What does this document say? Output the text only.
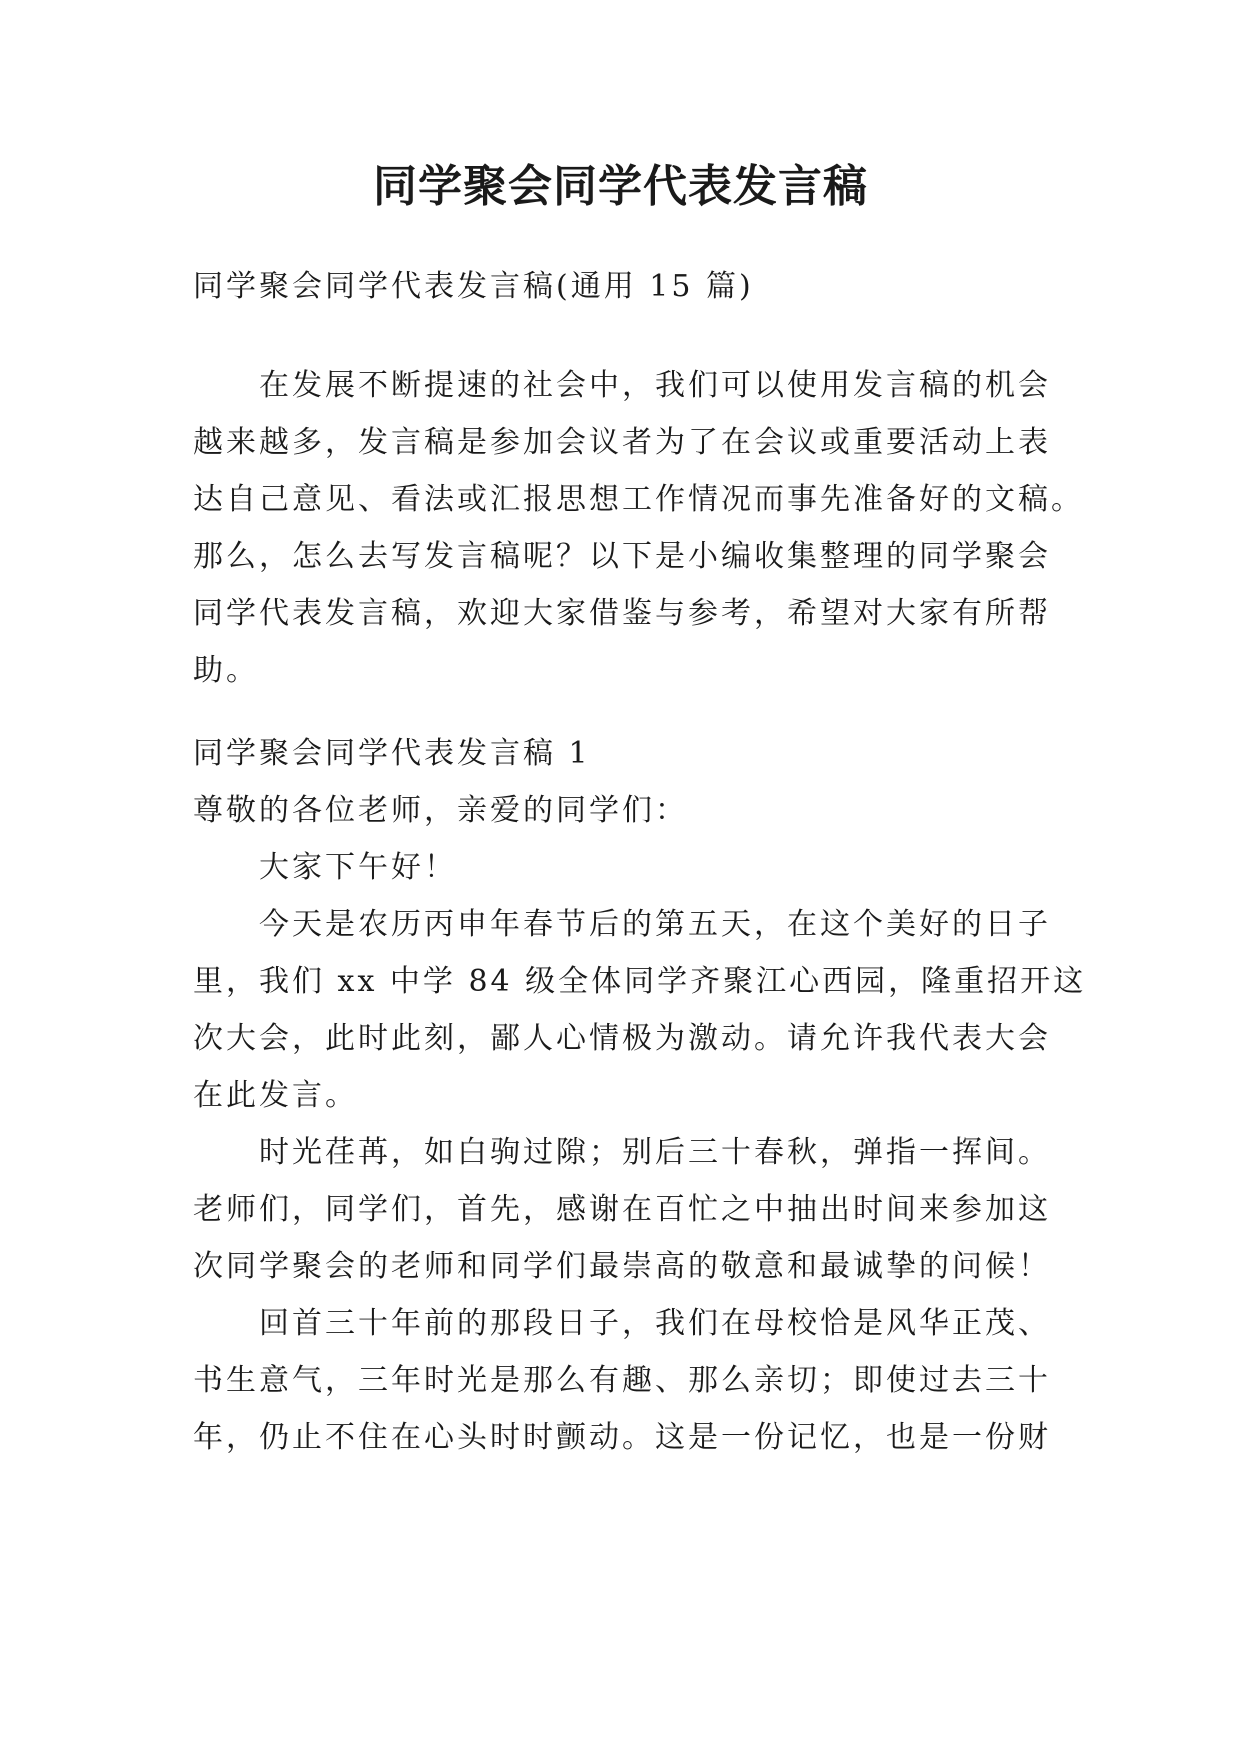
同学聚会同学代表发言稿
同学聚会同学代表发言稿(通用 15 篇)
在发展不断提速的社会中，我们可以使用发言稿的机会
越来越多，发言稿是参加会议者为了在会议或重要活动上表
达自己意见、看法或汇报思想工作情况而事先准备好的文稿。
那么，怎么去写发言稿呢？以下是小编收集整理的同学聚会
同学代表发言稿，欢迎大家借鉴与参考，希望对大家有所帮
助。
同学聚会同学代表发言稿 1
尊敬的各位老师，亲爱的同学们：
大家下午好！
今天是农历丙申年春节后的第五天，在这个美好的日子
里，我们 xx 中学 84 级全体同学齐聚江心西园，隆重招开这
次大会，此时此刻，鄙人心情极为激动。请允许我代表大会
在此发言。
时光荏苒，如白驹过隙；别后三十春秋，弹指一挥间。
老师们，同学们，首先，感谢在百忙之中抽出时间来参加这
次同学聚会的老师和同学们最崇高的敬意和最诚挚的问候！
回首三十年前的那段日子，我们在母校恰是风华正茂、
书生意气，三年时光是那么有趣、那么亲切；即使过去三十
年，仍止不住在心头时时颤动。这是一份记忆，也是一份财
